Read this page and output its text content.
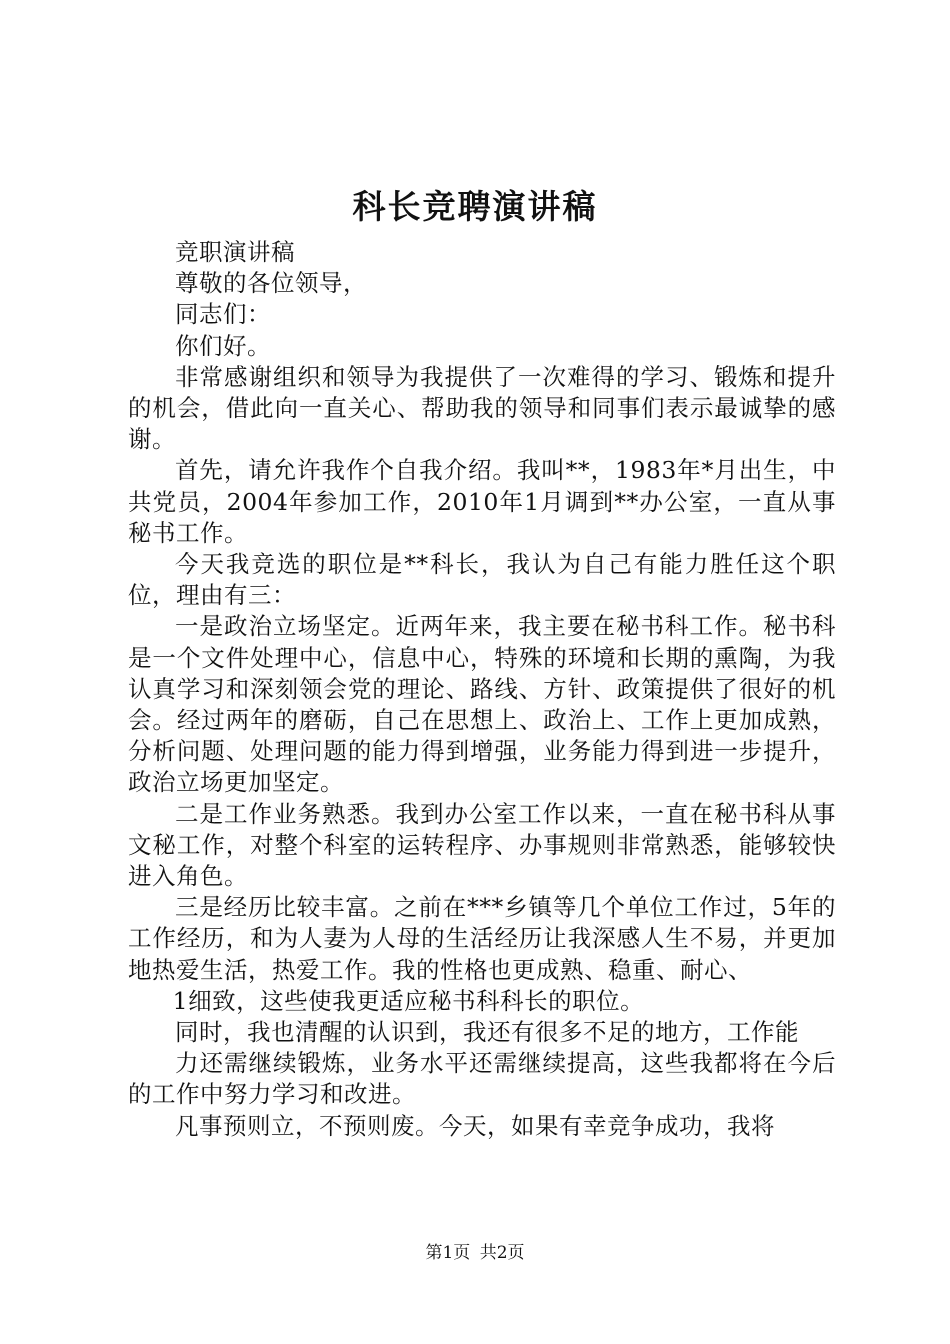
科长竞聘演讲稿

竞职演讲稿

尊敬的各位领导，

同志们：

你们好。

非常感谢组织和领导为我提供了一次难得的学习、锻炼和提升的机会，借此向一直关心、帮助我的领导和同事们表示最诚挚的感谢。

首先，请允许我作个自我介绍。我叫**，1983年*月出生，中共党员，2004年参加工作，2010年1月调到**办公室，一直从事秘书工作。

今天我竞选的职位是**科长，我认为自己有能力胜任这个职位，理由有三：

一是政治立场坚定。近两年来，我主要在秘书科工作。秘书科是一个文件处理中心，信息中心，特殊的环境和长期的熏陶，为我认真学习和深刻领会党的理论、路线、方针、政策提供了很好的机会。经过两年的磨砺，自己在思想上、政治上、工作上更加成熟，分析问题、处理问题的能力得到增强，业务能力得到进一步提升，政治立场更加坚定。

二是工作业务熟悉。我到办公室工作以来，一直在秘书科从事文秘工作，对整个科室的运转程序、办事规则非常熟悉，能够较快进入角色。

三是经历比较丰富。之前在***乡镇等几个单位工作过，5年的工作经历，和为人妻为人母的生活经历让我深感人生不易，并更加地热爱生活，热爱工作。我的性格也更成熟、稳重、耐心、

1细致，这些使我更适应秘书科科长的职位。

同时，我也清醒的认识到，我还有很多不足的地方，工作能

力还需继续锻炼，业务水平还需继续提高，这些我都将在今后的工作中努力学习和改进。

凡事预则立，不预则废。今天，如果有幸竞争成功，我将

第1页 共2页
